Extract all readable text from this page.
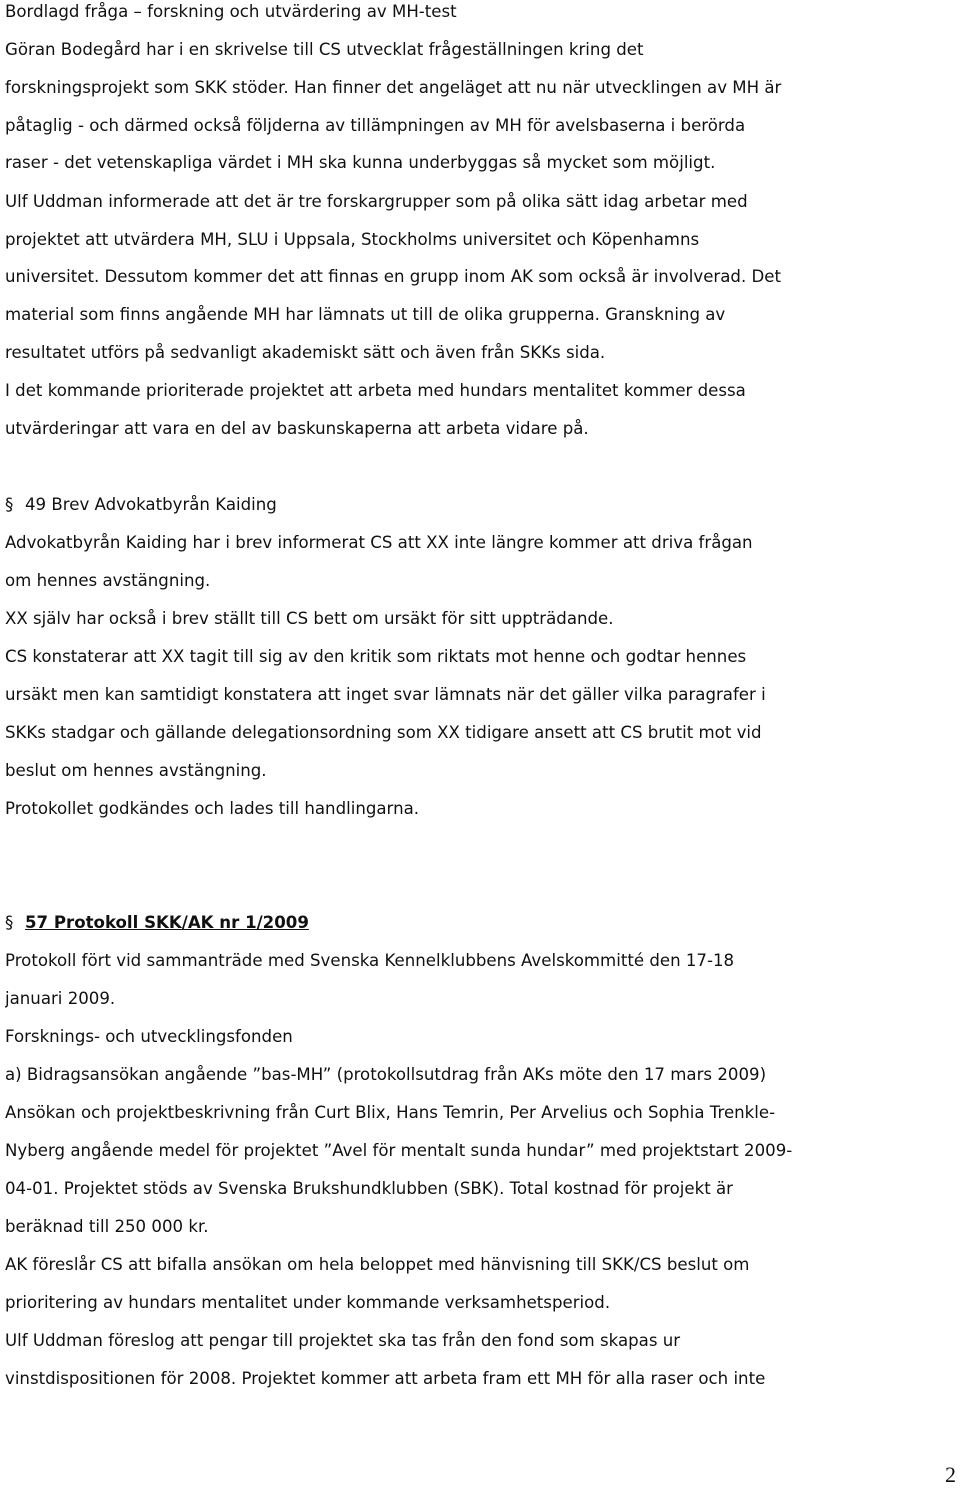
Bordlagd fråga – forskning och utvärdering av MH-test
Göran Bodegård har i en skrivelse till CS utvecklat frågeställningen kring det
forskningsprojekt som SKK stöder. Han finner det angeläget att nu när utvecklingen av MH är
påtaglig - och därmed också följderna av tillämpningen av MH för avelsbaserna i berörda
raser - det vetenskapliga värdet i MH ska kunna underbyggas så mycket som möjligt.
Ulf Uddman informerade att det är tre forskargrupper som på olika sätt idag arbetar med
projektet att utvärdera MH, SLU i Uppsala, Stockholms universitet och Köpenhamns
universitet. Dessutom kommer det att finnas en grupp inom AK som också är involverad. Det
material som finns angående MH har lämnats ut till de olika grupperna. Granskning av
resultatet utförs på sedvanligt akademiskt sätt och även från SKKs sida.
I det kommande prioriterade projektet att arbeta med hundars mentalitet kommer dessa
utvärderingar att vara en del av baskunskaperna att arbeta vidare på.
§ 49 Brev Advokatbyrån Kaiding
Advokatbyrån Kaiding har i brev informerat CS att XX inte längre kommer att driva frågan
om hennes avstängning.
XX själv har också i brev ställt till CS bett om ursäkt för sitt uppträdande.
CS konstaterar att XX tagit till sig av den kritik som riktats mot henne och godtar hennes
ursäkt men kan samtidigt konstatera att inget svar lämnats när det gäller vilka paragrafer i
SKKs stadgar och gällande delegationsordning som XX tidigare ansett att CS brutit mot vid
beslut om hennes avstängning.
Protokollet godkändes och lades till handlingarna.
§ 57 Protokoll SKK/AK nr 1/2009
Protokoll fört vid sammanträde med Svenska Kennelklubbens Avelskommitté den 17-18
januari 2009.
Forsknings- och utvecklingsfonden
a) Bidragsansökan angående ”bas-MH” (protokollsutdrag från AKs möte den 17 mars 2009)
Ansökan och projektbeskrivning från Curt Blix, Hans Temrin, Per Arvelius och Sophia Trenkle-
Nyberg angående medel för projektet ”Avel för mentalt sunda hundar” med projektstart 2009-
04-01. Projektet stöds av Svenska Brukshundklubben (SBK). Total kostnad för projekt är
beräknad till 250 000 kr.
AK föreslår CS att bifalla ansökan om hela beloppet med hänvisning till SKK/CS beslut om
prioritering av hundars mentalitet under kommande verksamhetsperiod.
Ulf Uddman föreslog att pengar till projektet ska tas från den fond som skapas ur
vinstdispositionen för 2008. Projektet kommer att arbeta fram ett MH för alla raser och inte
2
